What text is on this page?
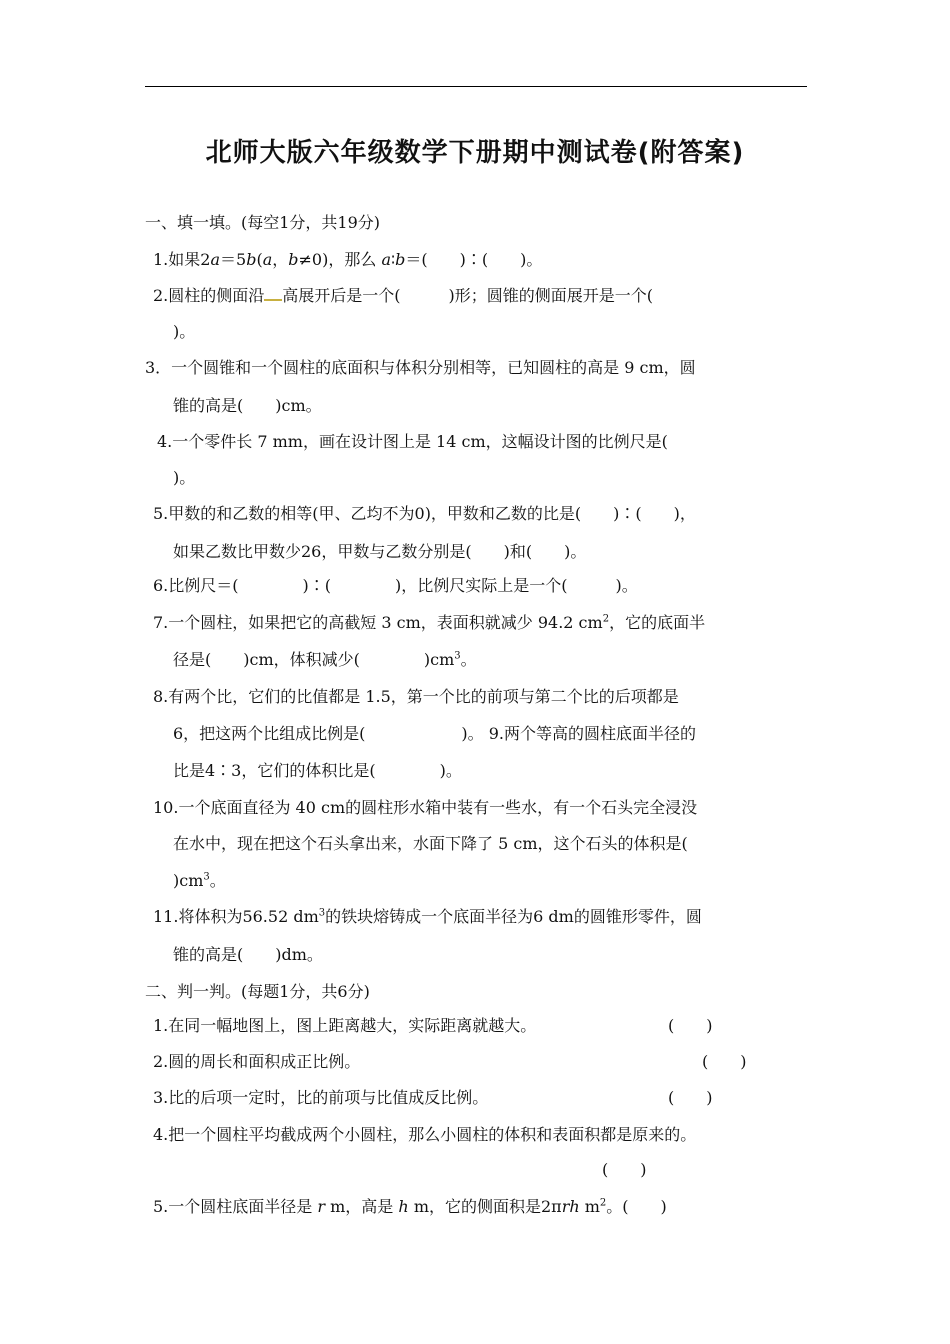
北师大版六年级数学下册期中测试卷(附答案)
一、填一填。(每空1分，共19分)
1.如果2a＝5b(a，b≠0)，那么 a∶b＝(　　)∶(　　)。
2.圆柱的侧面沿 高展开后是一个(　　　)形；圆锥的侧面展开是一个(
)。
3．一个圆锥和一个圆柱的底面积与体积分别相等，已知圆柱的高是 9 cm，圆
锥的高是(　　)cm。
4.一个零件长 7 mm，画在设计图上是 14 cm，这幅设计图的比例尺是(
)。
5.甲数的和乙数的相等(甲、乙均不为0)，甲数和乙数的比是(　　)∶(　　)，
如果乙数比甲数少26，甲数与乙数分别是(　　)和(　　)。
6.比例尺＝(　　　　)∶(　　　　)，比例尺实际上是一个(　　　)。
7.一个圆柱，如果把它的高截短 3 cm，表面积就减少 94.2 $cm^2$，它的底面半
径是(　　)cm，体积减少(　　　　)$cm^3$。
8.有两个比，它们的比值都是 1.5，第一个比的前项与第二个比的后项都是
6，把这两个比组成比例是(　　　　　　)。 9.两个等高的圆柱底面半径的
比是4∶3，它们的体积比是(　　　　)。
10.一个底面直径为 40 cm的圆柱形水箱中装有一些水，有一个石头完全浸没
在水中，现在把这个石头拿出来，水面下降了 5 cm，这个石头的体积是(
)$cm^3$。
11.将体积为56.52 $dm^3$的铁块熔铸成一个底面半径为6 dm的圆锥形零件，圆
锥的高是(　　)dm。
二、判一判。(每题1分，共6分)
1.在同一幅地图上，图上距离越大，实际距离就越大。	(　　)
2.圆的周长和面积成正比例。	(　　)
3.比的后项一定时，比的前项与比值成反比例。	(　　)
4.把一个圆柱平均截成两个小圆柱，那么小圆柱的体积和表面积都是原来的。
(　　)
5.一个圆柱底面半径是 r m，高是 h m，它的侧面积是2πrh $m^2$。(　　)
